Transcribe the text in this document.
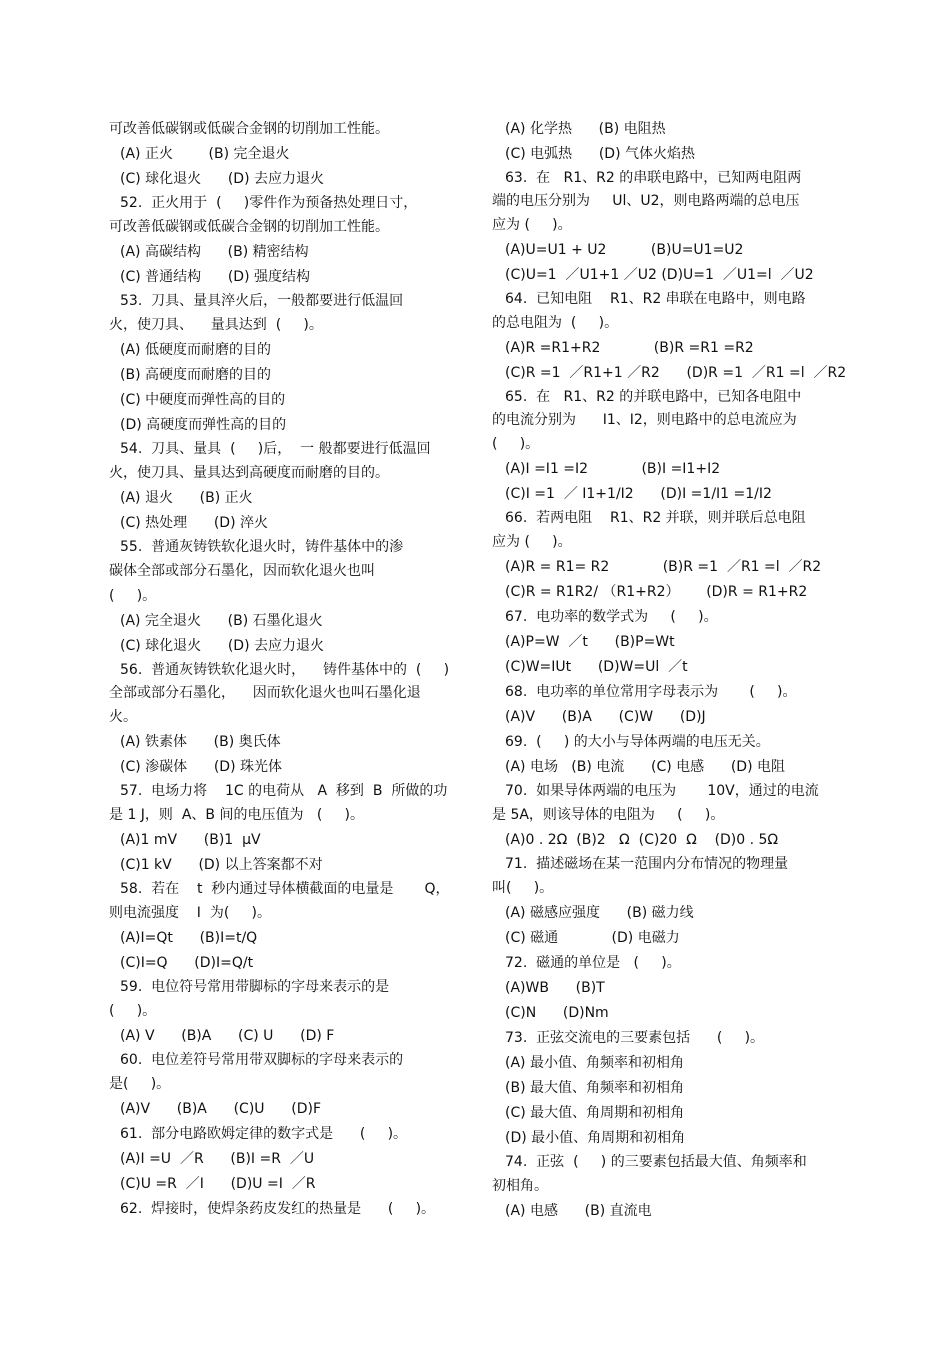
可改善低碳钢或低碳合金钢的切削加工性能。
(A) 正火        (B) 完全退火
(C) 球化退火      (D) 去应力退火
52.  正火用于  (     )零件作为预备热处理日寸，
可改善低碳钢或低碳合金钢的切削加工性能。
(A) 高碳结构      (B) 精密结构
(C) 普通结构      (D) 强度结构
53.  刀具、量具淬火后，一般都要进行低温回
火，使刀具、    量具达到  (     )。
(A) 低硬度而耐磨的目的
(B) 高硬度而耐磨的目的
(C) 中硬度而弹性高的目的
(D) 高硬度而弹性高的目的
54.  刀具、量具  (     )后，  一 般都要进行低温回
火，使刀具、量具达到高硬度而耐磨的目的。
(A) 退火      (B) 正火
(C) 热处理      (D) 淬火
55.  普通灰铸铁软化退火时，铸件基体中的渗
碳体全部或部分石墨化，因而软化退火也叫
(     )。
(A) 完全退火      (B) 石墨化退火
(C) 球化退火      (D) 去应力退火
56.  普通灰铸铁软化退火时，    铸件基体中的  (     )
全部或部分石墨化，    因而软化退火也叫石墨化退
火。
(A) 铁素体      (B) 奥氏体
(C) 渗碳体      (D) 珠光体
57.  电场力将    1C 的电荷从   A  移到  B  所做的功
是 1 J，则  A、B 间的电压值为   (     )。
(A)1 mV      (B)1  μV
(C)1 kV      (D) 以上答案都不对
58.  若在    t  秒内通过导体横截面的电量是       Q，
则电流强度    I  为(     )。
(A)I=Qt      (B)I=t/Q
(C)I=Q      (D)I=Q/t
59.  电位符号常用带脚标的字母来表示的是
(     )。
(A) V      (B)A      (C) U      (D) F
60.  电位差符号常用带双脚标的字母来表示的
是(     )。
(A)V      (B)A      (C)U      (D)F
61.  部分电路欧姆定律的数字式是      (     )。
(A)I =U  ／R      (B)I =R  ／U
(C)U =R  ／I      (D)U =I  ／R
62.  焊接时，使焊条药皮发红的热量是      (     )。
(A) 化学热      (B) 电阻热
(C) 电弧热      (D) 气体火焰热
63.  在   R1、R2 的串联电路中，已知两电阻两
端的电压分别为     Ul、U2，则电路两端的总电压
应为 (     )。
(A)U=U1 + U2          (B)U=U1=U2
(C)U=1  ／U1+1 ／U2 (D)U=1  ／U1=l  ／U2
64.  已知电阻    R1、R2 串联在电路中，则电路
的总电阻为  (     )。
(A)R =R1+R2            (B)R =R1 =R2
(C)R =1  ／R1+1 ／R2      (D)R =1  ／R1 =l  ／R2
65.  在   R1、R2 的并联电路中，已知各电阻中
的电流分别为      I1、I2，则电路中的总电流应为
(     )。
(A)I =I1 =I2            (B)I =I1+I2
(C)I =1  ／ I1+1/I2      (D)I =1/I1 =1/I2
66.  若两电阻    R1、R2 并联，则并联后总电阻
应为 (     )。
(A)R = R1= R2            (B)R =1  ／R1 =l  ／R2
(C)R = R1R2/ （R1+R2）      (D)R = R1+R2
67.  电功率的数学式为     (     )。
(A)P=W  ／t      (B)P=Wt
(C)W=IUt      (D)W=Ul  ／t
68.  电功率的单位常用字母表示为       (     )。
(A)V      (B)A      (C)W      (D)J
69.  (     ) 的大小与导体两端的电压无关。
(A) 电场   (B) 电流      (C) 电感      (D) 电阻
70.  如果导体两端的电压为       10V，通过的电流
是 5A，则该导体的电阻为     (     )。
(A)0 . 2Ω  (B)2   Ω  (C)20  Ω    (D)0 . 5Ω
71.  描述磁场在某一范围内分布情况的物理量
叫(     )。
(A) 磁感应强度      (B) 磁力线
(C) 磁通            (D) 电磁力
72.  磁通的单位是   (     )。
(A)WB      (B)T
(C)N      (D)Nm
73.  正弦交流电的三要素包括      (     )。
(A) 最小值、角频率和初相角
(B) 最大值、角频率和初相角
(C) 最大值、角周期和初相角
(D) 最小值、角周期和初相角
74.  正弦  (     ) 的三要素包括最大值、角频率和
初相角。
(A) 电感      (B) 直流电
